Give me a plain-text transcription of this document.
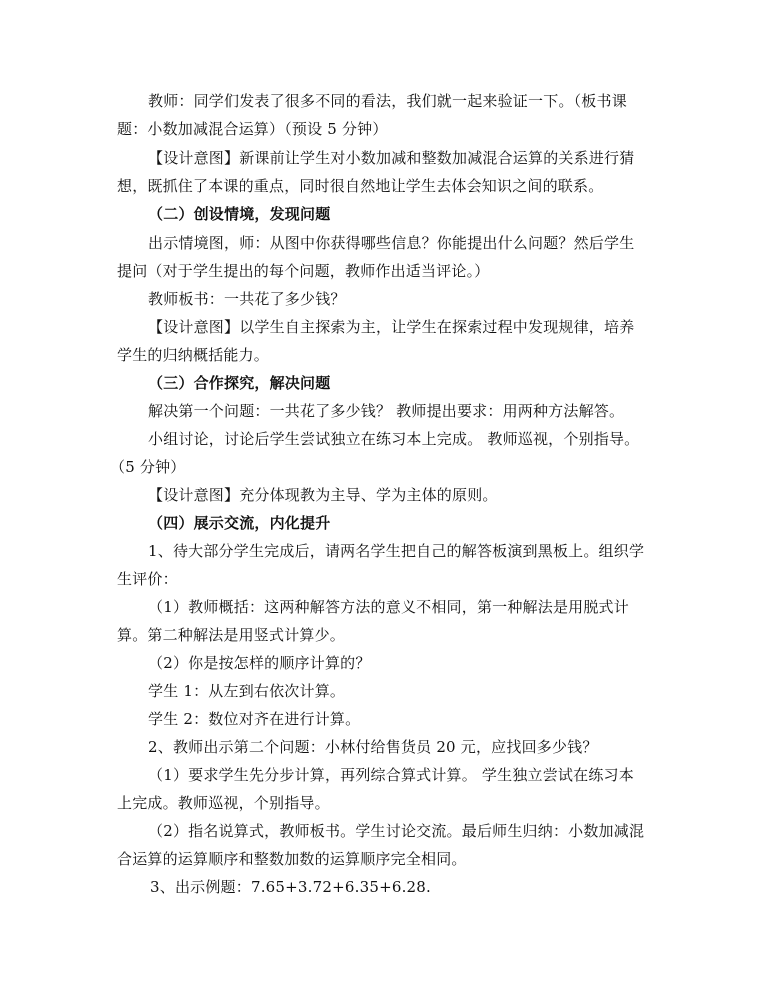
教师：同学们发表了很多不同的看法，我们就一起来验证一下。（板书课
题：小数加减混合运算）（预设 5 分钟）
【设计意图】新课前让学生对小数加减和整数加减混合运算的关系进行猜
想，既抓住了本课的重点，同时很自然地让学生去体会知识之间的联系。
（二）创设情境，发现问题
出示情境图，师：从图中你获得哪些信息？你能提出什么问题？然后学生
提问（对于学生提出的每个问题，教师作出适当评论。）
教师板书：一共花了多少钱？
【设计意图】以学生自主探索为主，让学生在探索过程中发现规律，培养
学生的归纳概括能力。
（三）合作探究，解决问题
解决第一个问题：一共花了多少钱？ 教师提出要求：用两种方法解答。
小组讨论，讨论后学生尝试独立在练习本上完成。 教师巡视，个别指导。
（5 分钟）
【设计意图】充分体现教为主导、学为主体的原则。
（四）展示交流，内化提升
1、待大部分学生完成后，请两名学生把自己的解答板演到黑板上。组织学
生评价：
（1）教师概括：这两种解答方法的意义不相同，第一种解法是用脱式计
算。第二种解法是用竖式计算少。
（2）你是按怎样的顺序计算的？
学生 1：从左到右依次计算。
学生 2：数位对齐在进行计算。
2、教师出示第二个问题：小林付给售货员 20 元，应找回多少钱？
（1）要求学生先分步计算，再列综合算式计算。 学生独立尝试在练习本
上完成。教师巡视，个别指导。
（2）指名说算式，教师板书。学生讨论交流。最后师生归纳：小数加减混
合运算的运算顺序和整数加数的运算顺序完全相同。
3、出示例题：7.65+3.72+6.35+6.28.
